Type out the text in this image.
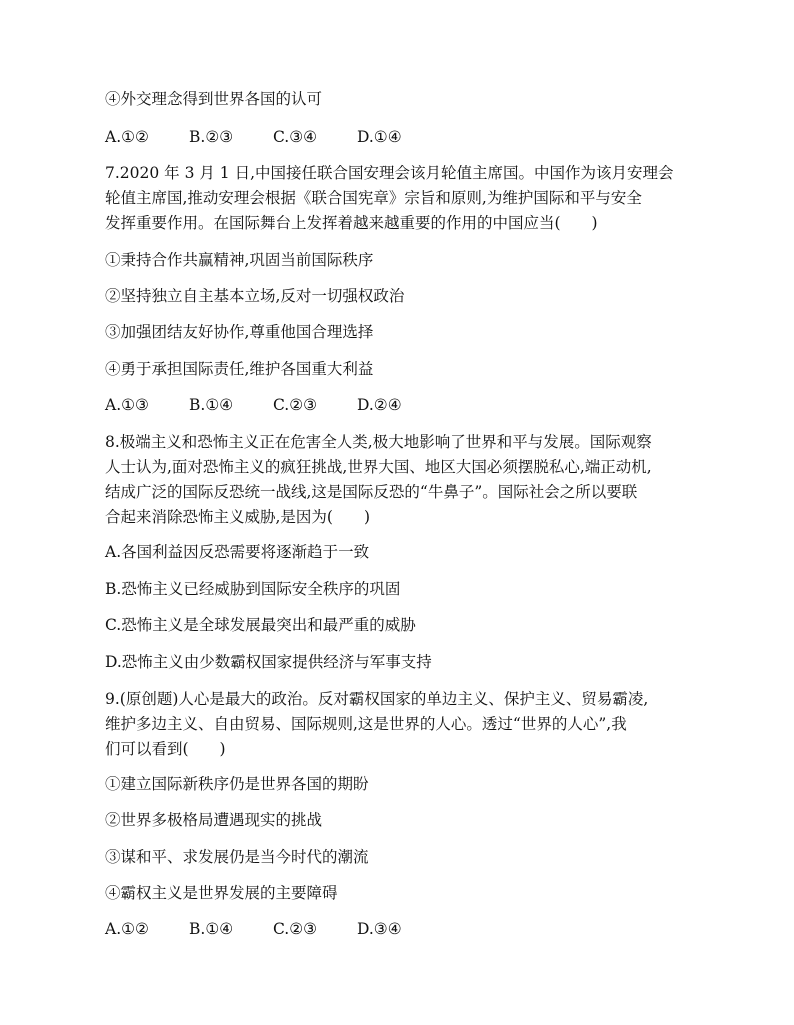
④外交理念得到世界各国的认可
A.①②	B.②③	C.③④	D.①④
7.2020 年 3 月 1 日,中国接任联合国安理会该月轮值主席国。中国作为该月安理会
轮值主席国,推动安理会根据《联合国宪章》宗旨和原则,为维护国际和平与安全
发挥重要作用。在国际舞台上发挥着越来越重要的作用的中国应当(　　)
①秉持合作共赢精神,巩固当前国际秩序
②坚持独立自主基本立场,反对一切强权政治
③加强团结友好协作,尊重他国合理选择
④勇于承担国际责任,维护各国重大利益
A.①③	B.①④	C.②③	D.②④
8.极端主义和恐怖主义正在危害全人类,极大地影响了世界和平与发展。国际观察
人士认为,面对恐怖主义的疯狂挑战,世界大国、地区大国必须摆脱私心,端正动机,
结成广泛的国际反恐统一战线,这是国际反恐的“牛鼻子”。国际社会之所以要联
合起来消除恐怖主义威胁,是因为(　　)
A.各国利益因反恐需要将逐渐趋于一致
B.恐怖主义已经威胁到国际安全秩序的巩固
C.恐怖主义是全球发展最突出和最严重的威胁
D.恐怖主义由少数霸权国家提供经济与军事支持
9.(原创题)人心是最大的政治。反对霸权国家的单边主义、保护主义、贸易霸凌,
维护多边主义、自由贸易、国际规则,这是世界的人心。透过“世界的人心”,我
们可以看到(　　)
①建立国际新秩序仍是世界各国的期盼
②世界多极格局遭遇现实的挑战
③谋和平、求发展仍是当今时代的潮流
④霸权主义是世界发展的主要障碍
A.①②	B.①④	C.②③	D.③④
